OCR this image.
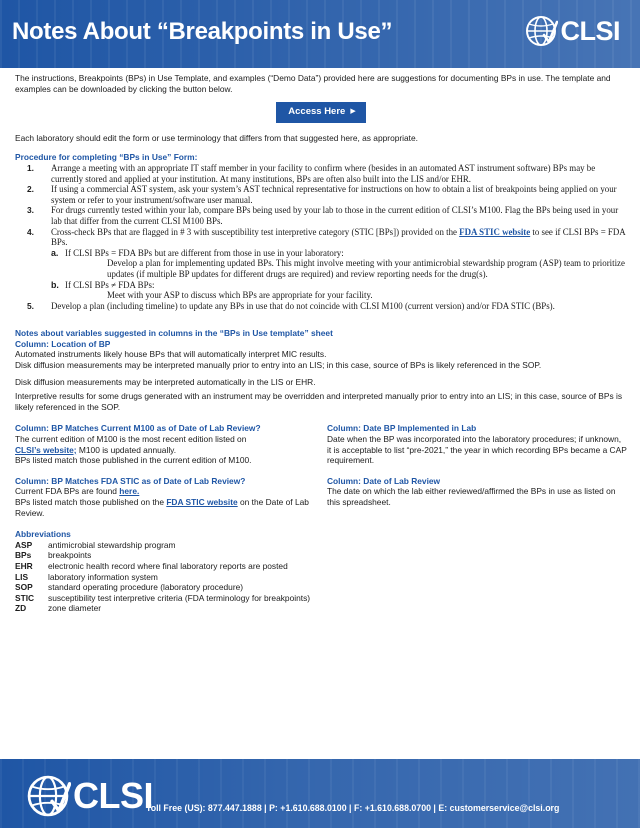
Notes About “Breakpoints in Use”	CLSI

The instructions, Breakpoints (BPs) in Use Template, and examples (“Demo Data”) provided here are suggestions for documenting BPs in use. The template and examples can be downloaded by clicking the button below.

Access Here ▶

Each laboratory should edit the form or use terminology that differs from that suggested here, as appropriate.

Procedure for completing “BPs in Use” Form:
1. Arrange a meeting with an appropriate IT staff member in your facility to confirm where (besides in an automated AST instrument software) BPs may be currently stored and applied at your institution. At many institutions, BPs are often also built into the LIS and/or EHR.
2. If using a commercial AST system, ask your system’s AST technical representative for instructions on how to obtain a list of breakpoints being applied on your system or refer to your instrument/software user manual.
3. For drugs currently tested within your lab, compare BPs being used by your lab to those in the current edition of CLSI’s M100. Flag the BPs being used in your lab that differ from the current CLSI M100 BPs.
4. Cross-check BPs that are flagged in # 3 with susceptibility test interpretive category (STIC [BPs]) provided on the FDA STIC website to see if CLSI BPs = FDA BPs.
a. If CLSI BPs = FDA BPs but are different from those in use in your laboratory:
Develop a plan for implementing updated BPs. This might involve meeting with your antimicrobial stewardship program (ASP) team to prioritize updates (if multiple BP updates for different drugs are required) and review reporting needs for the drug(s).
b. If CLSI BPs ≠ FDA BPs:
Meet with your ASP to discuss which BPs are appropriate for your facility.
5. Develop a plan (including timeline) to update any BPs in use that do not coincide with CLSI M100 (current version) and/or FDA STIC (BPs).
Notes about variables suggested in columns in the “BPs in Use template” sheet
Column: Location of BP

Automated instruments likely house BPs that will automatically interpret MIC results.

Disk diffusion measurements may be interpreted manually prior to entry into an LIS; in this case, source of BPs is likely referenced in the SOP.

Disk diffusion measurements may be interpreted automatically in the LIS or EHR.

Interpretive results for some drugs generated with an instrument may be overridden and interpreted manually prior to entry into an LIS; in this case, source of BPs is likely referenced in the SOP.

Column: BP Matches Current M100 as of Date of Lab Review?

The current edition of M100 is the most recent edition listed on

CLSI’s website; M100 is updated annually.

BPs listed match those published in the current edition of M100.

Column: Date BP Implemented in Lab

Date when the BP was incorporated into the laboratory procedures; if unknown, it is acceptable to list “pre-2021,” the year in which recording BPs became a CAP requirement.

Column: BP Matches FDA STIC as of Date of Lab Review?

Current FDA BPs are found here.

BPs listed match those published on the FDA STIC website on the Date of Lab Review.

Column: Date of Lab Review

The date on which the lab either reviewed/affirmed the BPs in use as listed on this spreadsheet.

Abbreviations
ASP	antimicrobial stewardship program
BPs	breakpoints
EHR	electronic health record where final laboratory reports are posted
LIS	laboratory information system
SOP	standard operating procedure (laboratory procedure)
STIC	susceptibility test interpretive criteria (FDA terminology for breakpoints)
ZD	zone diameter
CLSI
Toll Free (US): 877.447.1888 | P: +1.610.688.0100 | F: +1.610.688.0700 | E: customerservice@clsi.org
